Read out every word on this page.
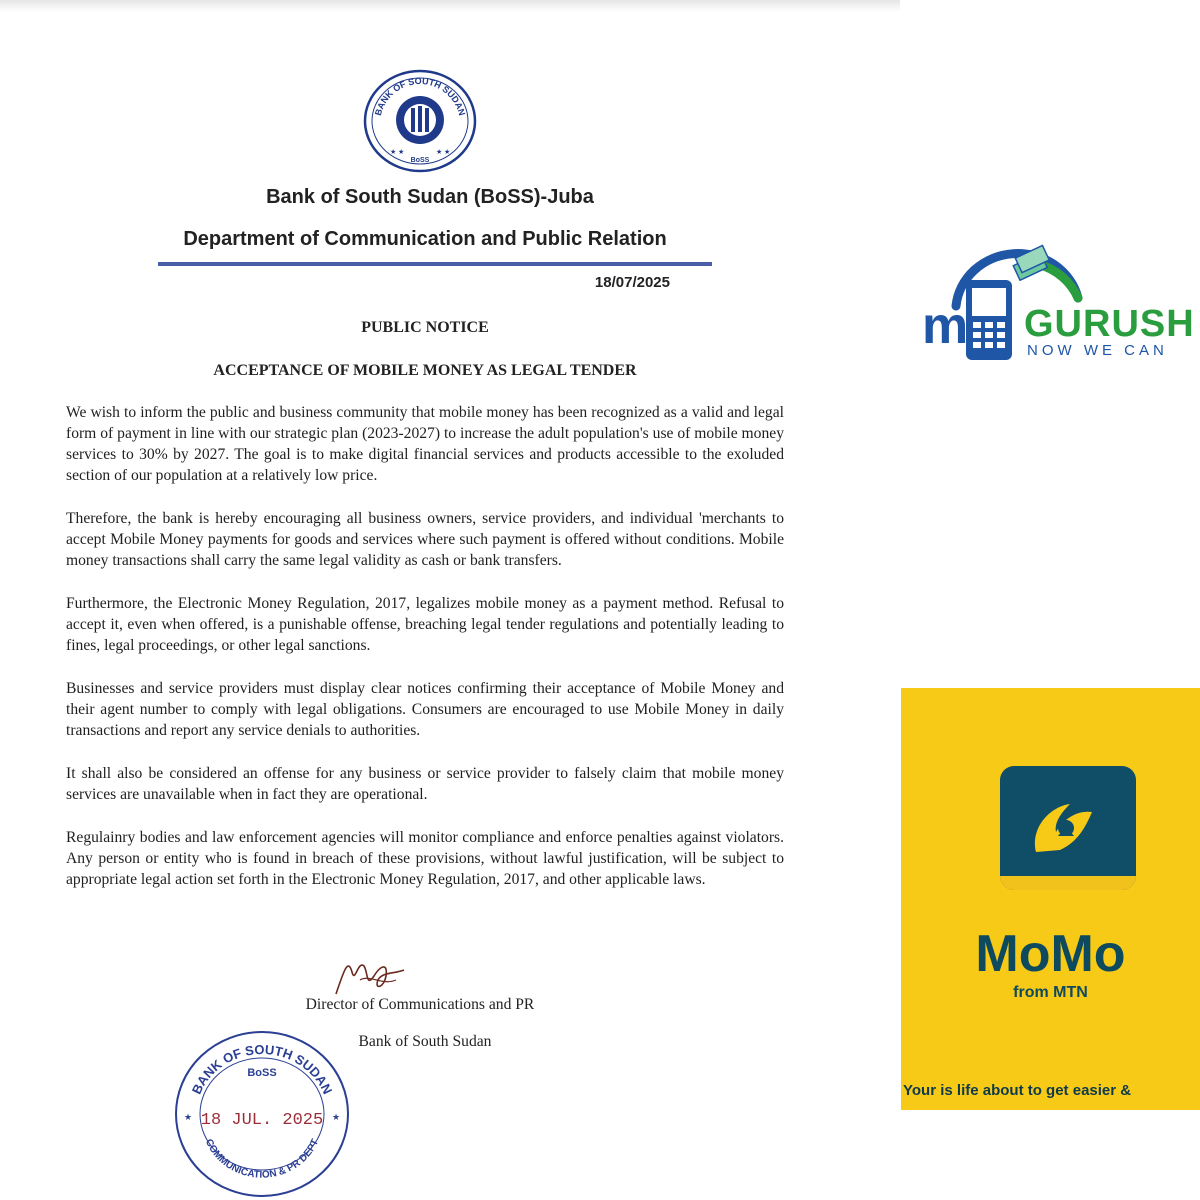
BANK OF SOUTH SUDAN
BoSS
★ ★	★ ★
Bank of South Sudan (BoSS)-Juba
Department of Communication and Public Relation
18/07/2025
PUBLIC NOTICE
ACCEPTANCE OF MOBILE MONEY AS LEGAL TENDER

We wish to inform the public and business community that mobile money has been recognized as a valid and legal form of payment in line with our strategic plan (2023-2027) to increase the adult population's use of mobile money services to 30% by 2027. The goal is to make digital financial services and products accessible to the exoluded section of our population at a relatively low price.

Therefore, the bank is hereby encouraging all business owners, service providers, and individual 'merchants to accept Mobile Money payments for goods and services where such payment is offered without conditions. Mobile money transactions shall carry the same legal validity as cash or bank transfers.

Furthermore, the Electronic Money Regulation, 2017, legalizes mobile money as a payment method. Refusal to accept it, even when offered, is a punishable offense, breaching legal tender regulations and potentially leading to fines, legal proceedings, or other legal sanctions.

Businesses and service providers must display clear notices confirming their acceptance of Mobile Money and their agent number to comply with legal obligations. Consumers are encouraged to use Mobile Money in daily transactions and report any service denials to authorities.

It shall also be considered an offense for any business or service provider to falsely claim that mobile money services are unavailable when in fact they are operational.

Regulainry bodies and law enforcement agencies will monitor compliance and enforce penalties against violators. Any person or entity who is found in breach of these provisions, without lawful justification, will be subject to appropriate legal action set forth in the Electronic Money Regulation, 2017, and other applicable laws.

Director of Communications and PR
Bank of South Sudan
BANK OF SOUTH SUDAN
BoSS
18 JUL. 2025
COMMUNICATION & PR DEPT
★	★
m GURUSH
NOW WE CAN
MoMo
from MTN
Your is life about to get easier &
